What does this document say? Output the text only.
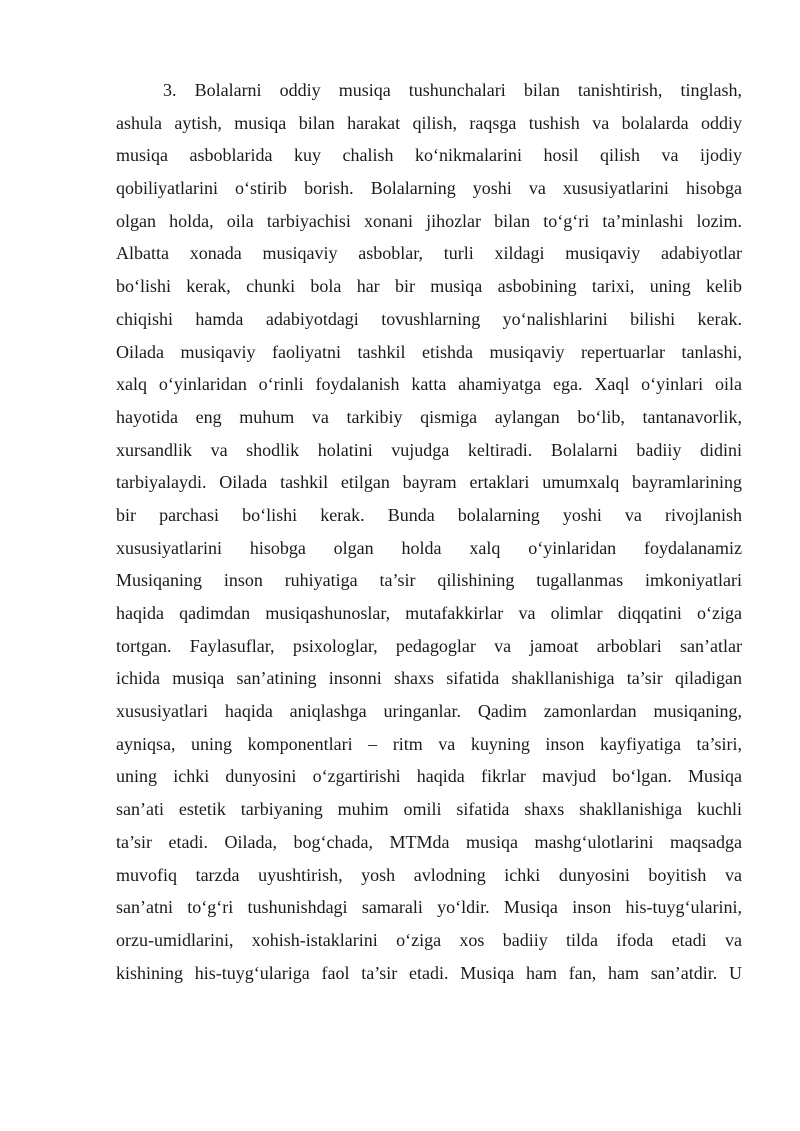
3. Bolalarni oddiy musiqa tushunchalari bilan tanishtirish, tinglash,
ashula aytish, musiqa bilan harakat qilish, raqsga tushish va bolalarda oddiy
musiqa asboblarida kuy chalish ko‘nikmalarini hosil qilish va ijodiy
qobiliyatlarini o‘stirib borish. Bolalarning yoshi va xususiyatlarini hisobga
olgan holda, oila tarbiyachisi xonani jihozlar bilan to‘g‘ri ta’minlashi lozim.
Albatta xonada musiqaviy asboblar, turli xildagi musiqaviy adabiyotlar
bo‘lishi kerak, chunki bola har bir musiqa asbobining tarixi, uning kelib
chiqishi hamda adabiyotdagi tovushlarning yo‘nalishlarini bilishi kerak.
Oilada musiqaviy faoliyatni tashkil etishda musiqaviy repertuarlar tanlashi,
xalq o‘yinlaridan o‘rinli foydalanish katta ahamiyatga ega. Xaql o‘yinlari oila
hayotida eng muhum va tarkibiy qismiga aylangan bo‘lib, tantanavorlik,
xursandlik va shodlik holatini vujudga keltiradi. Bolalarni badiiy didini
tarbiyalaydi. Oilada tashkil etilgan bayram ertaklari umumxalq bayramlarining
bir parchasi bo‘lishi kerak. Bunda bolalarning yoshi va rivojlanish
xususiyatlarini hisobga olgan holda xalq o‘yinlaridan foydalanamiz
Musiqaning inson ruhiyatiga ta’sir qilishining tugallanmas imkoniyatlari
haqida qadimdan musiqashunoslar, mutafakkirlar va olimlar diqqatini o‘ziga
tortgan. Faylasuflar, psixologlar, pedagoglar va jamoat arboblari san’atlar
ichida musiqa san’atining insonni shaxs sifatida shakllanishiga ta’sir qiladigan
xususiyatlari haqida aniqlashga uringanlar. Qadim zamonlardan musiqaning,
ayniqsa, uning komponentlari – ritm va kuyning inson kayfiyatiga ta’siri,
uning ichki dunyosini o‘zgartirishi haqida fikrlar mavjud bo‘lgan. Musiqa
san’ati estetik tarbiyaning muhim omili sifatida shaxs shakllanishiga kuchli
ta’sir etadi. Oilada, bog‘chada, MTMda musiqa mashg‘ulotlarini maqsadga
muvofiq tarzda uyushtirish, yosh avlodning ichki dunyosini boyitish va
san’atni to‘g‘ri tushunishdagi samarali yo‘ldir. Musiqa inson his-tuyg‘ularini,
orzu-umidlarini, xohish-istaklarini o‘ziga xos badiiy tilda ifoda etadi va
kishining his-tuyg‘ulariga faol ta’sir etadi. Musiqa ham fan, ham san’atdir. U
